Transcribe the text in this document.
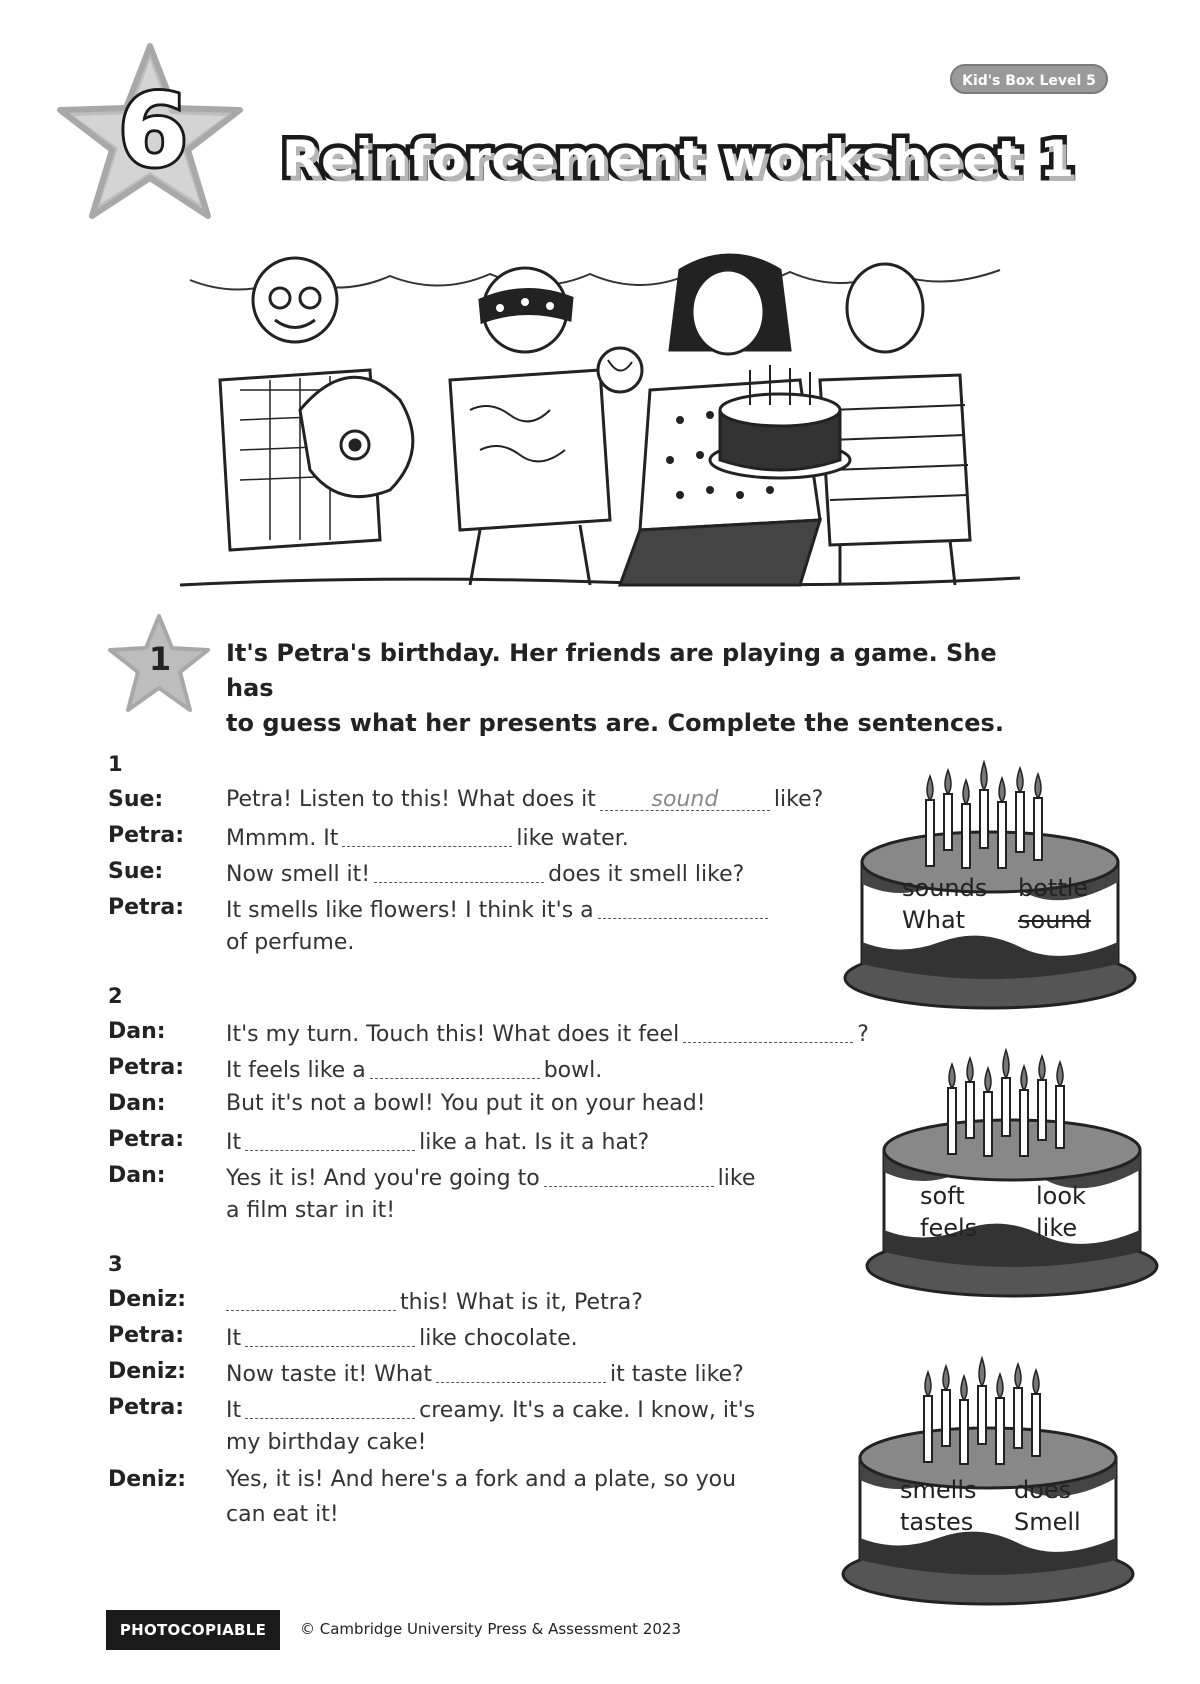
6 Reinforcement worksheet 1
Kid's Box Level 5
1	It's Petra's birthday. Her friends are playing a game. She has
to guess what her presents are. Complete the sentences.
1
Sue:	Petra! Listen to this! What does it	sound	like?
Petra: Mmmm. It	like water.
Sue:	Now smell it!	does it smell like?
Petra: It smells like flowers! I think it's a
of perfume.
2
Dan:	It's my turn. Touch this! What does it feel	?
Petra: It feels like a	bowl.
Dan:	But it's not a bowl! You put it on your head!
Petra: It	like a hat. Is it a hat?
Dan:	Yes it is! And you're going to	like
a film star in it!
3
Deniz:	this! What is it, Petra?
Petra: It	like chocolate.
Deniz: Now taste it! What	it taste like?
Petra: It	creamy. It's a cake. I know, it's
my birthday cake!
Deniz: Yes, it is! And here's a fork and a plate, so you
can eat it!
sounds bottle
What sound
soft	look
feels like
smells does
tastes Smell
PHOTOCOPIABLE	© Cambridge University Press & Assessment 2023
